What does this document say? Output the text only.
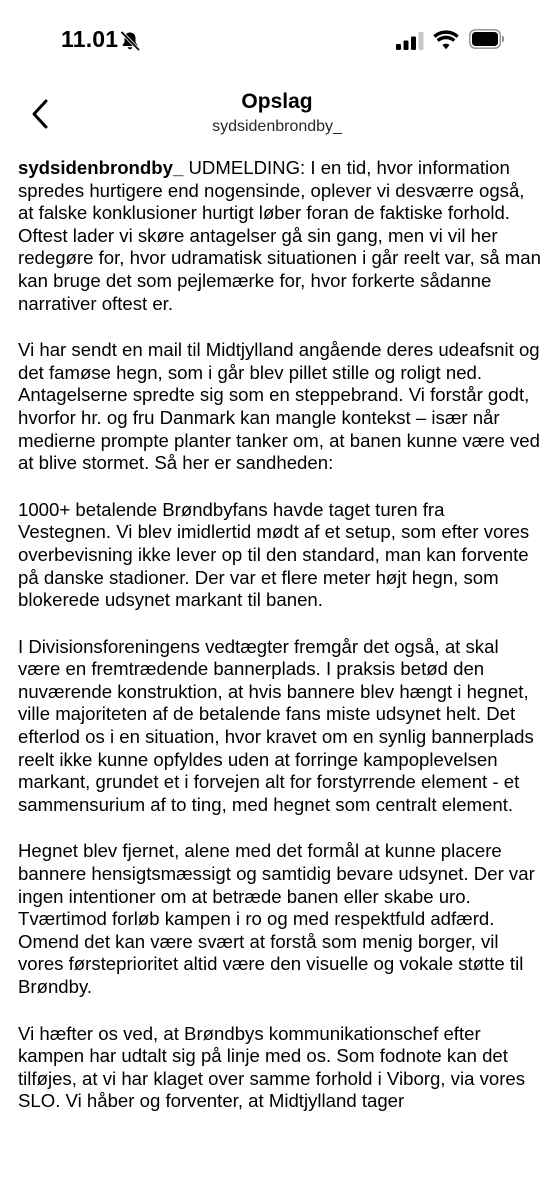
11.01
Opslag
sydsidenbrondby_

sydsidenbrondby_ UDMELDING: I en tid, hvor information spredes hurtigere end nogensinde, oplever vi desværre også, at falske konklusioner hurtigt løber foran de faktiske forhold. Oftest lader vi skøre antagelser gå sin gang, men vi vil her redegøre for, hvor udramatisk situationen i går reelt var, så man kan bruge det som pejlemærke for, hvor forkerte sådanne narrativer oftest er.

Vi har sendt en mail til Midtjylland angående deres udeafsnit og det famøse hegn, som i går blev pillet stille og roligt ned. Antagelserne spredte sig som en steppebrand. Vi forstår godt, hvorfor hr. og fru Danmark kan mangle kontekst – især når medierne prompte planter tanker om, at banen kunne være ved at blive stormet. Så her er sandheden:

1000+ betalende Brøndbyfans havde taget turen fra Vestegnen. Vi blev imidlertid mødt af et setup, som efter vores overbevisning ikke lever op til den standard, man kan forvente på danske stadioner. Der var et flere meter højt hegn, som blokerede udsynet markant til banen.

I Divisionsforeningens vedtægter fremgår det også, at skal være en fremtrædende bannerplads. I praksis betød den nuværende konstruktion, at hvis bannere blev hængt i hegnet, ville majoriteten af de betalende fans miste udsynet helt. Det efterlod os i en situation, hvor kravet om en synlig bannerplads reelt ikke kunne opfyldes uden at forringe kampoplevelsen markant, grundet et i forvejen alt for forstyrrende element - et sammensurium af to ting, med hegnet som centralt element.

Hegnet blev fjernet, alene med det formål at kunne placere bannere hensigtsmæssigt og samtidig bevare udsynet. Der var ingen intentioner om at betræde banen eller skabe uro. Tværtimod forløb kampen i ro og med respektfuld adfærd. Omend det kan være svært at forstå som menig borger, vil vores førsteprioritet altid være den visuelle og vokale støtte til Brøndby.

Vi hæfter os ved, at Brøndbys kommunikationschef efter kampen har udtalt sig på linje med os. Som fodnote kan det tilføjes, at vi har klaget over samme forhold i Viborg, via vores SLO. Vi håber og forventer, at Midtjylland tager
